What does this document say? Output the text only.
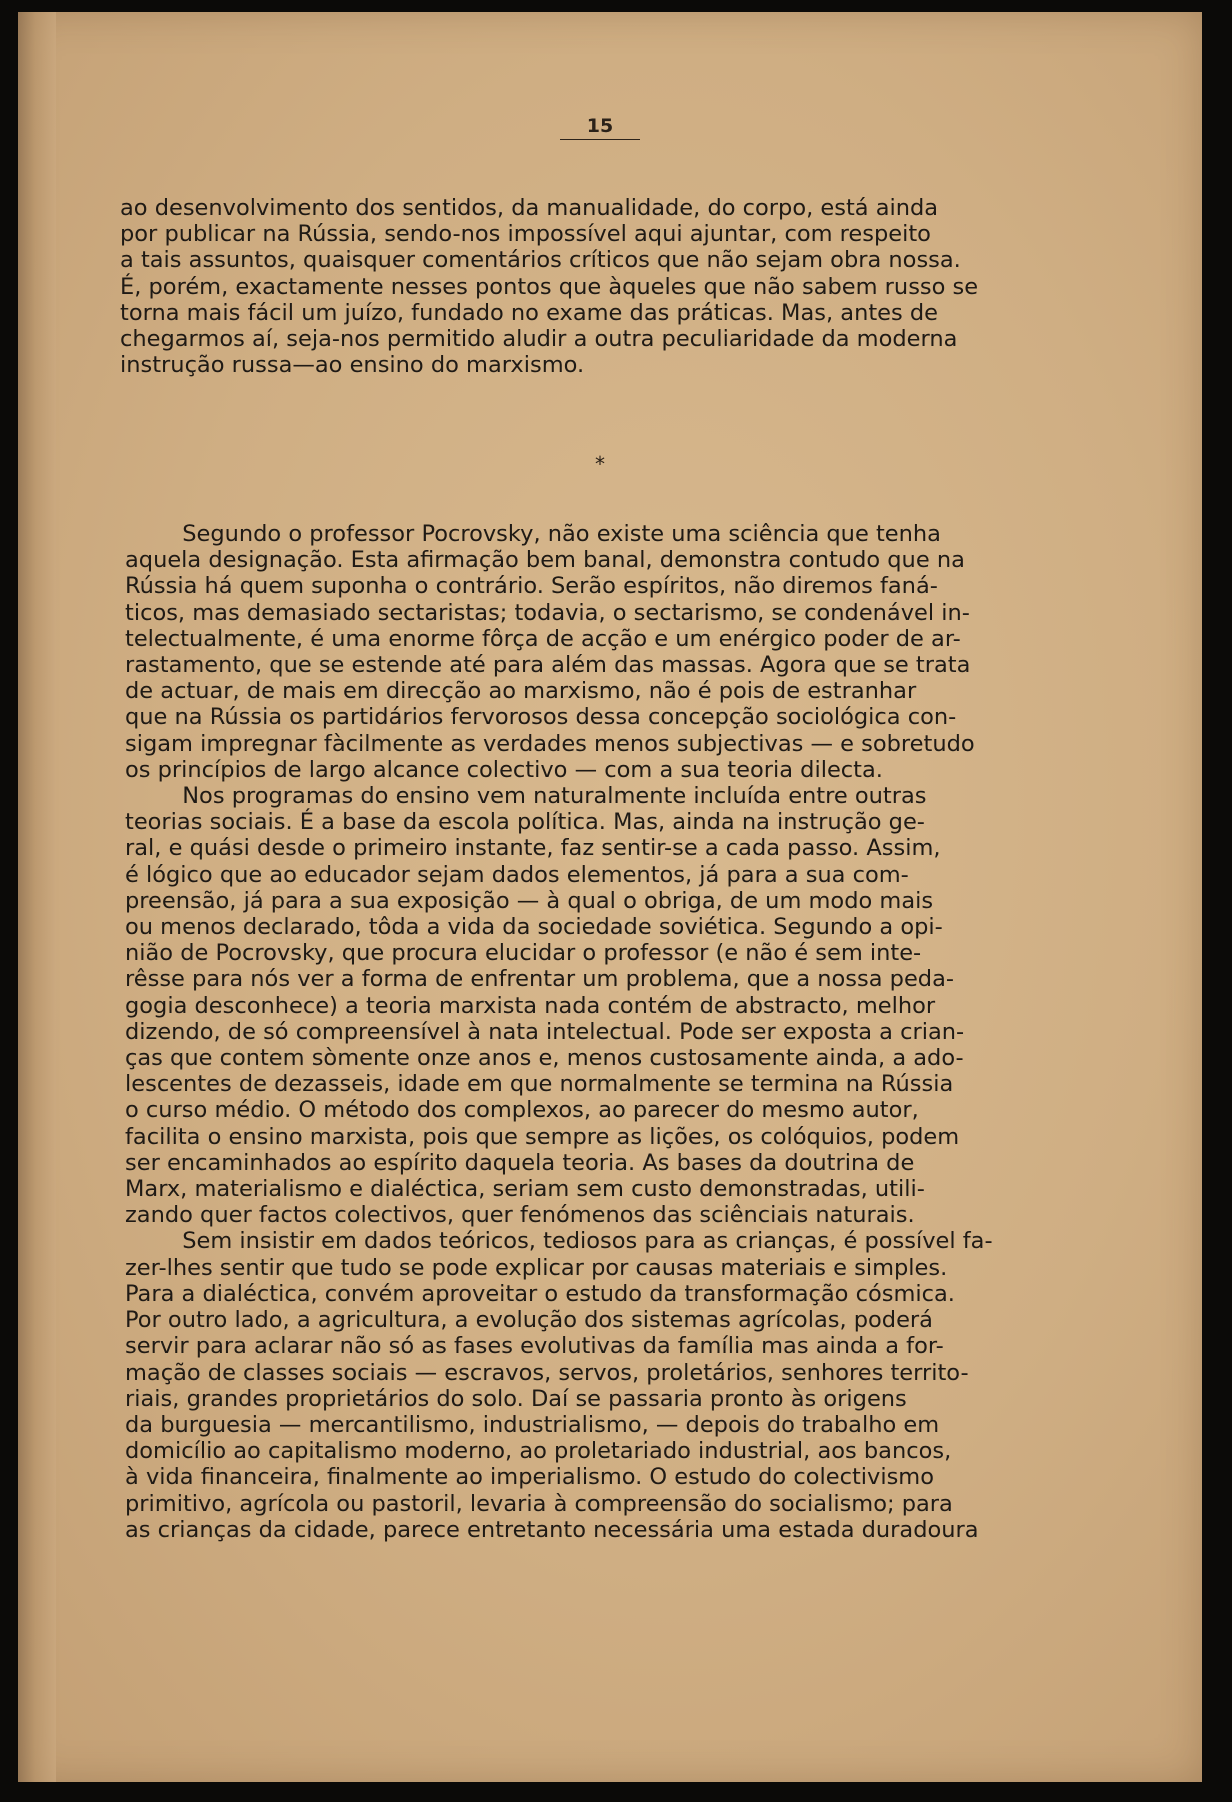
15
ao desenvolvimento dos sentidos, da manualidade, do corpo, está ainda
por publicar na Rússia, sendo-nos impossível aqui ajuntar, com respeito
a tais assuntos, quaisquer comentários críticos que não sejam obra nossa.
É, porém, exactamente nesses pontos que àqueles que não sabem russo se
torna mais fácil um juízo, fundado no exame das práticas. Mas, antes de
chegarmos aí, seja-nos permitido aludir a outra peculiaridade da moderna
instrução russa—ao ensino do marxismo.
*
Segundo o professor Pocrovsky, não existe uma sciência que tenha
aquela designação. Esta afirmação bem banal, demonstra contudo que na
Rússia há quem suponha o contrário. Serão espíritos, não diremos faná-
ticos, mas demasiado sectaristas; todavia, o sectarismo, se condenável in-
telectualmente, é uma enorme fôrça de acção e um enérgico poder de ar-
rastamento, que se estende até para além das massas. Agora que se trata
de actuar, de mais em direcção ao marxismo, não é pois de estranhar
que na Rússia os partidários fervorosos dessa concepção sociológica con-
sigam impregnar fàcilmente as verdades menos subjectivas — e sobretudo
os princípios de largo alcance colectivo — com a sua teoria dilecta.
Nos programas do ensino vem naturalmente incluída entre outras
teorias sociais. É a base da escola política. Mas, ainda na instrução ge-
ral, e quási desde o primeiro instante, faz sentir-se a cada passo. Assim,
é lógico que ao educador sejam dados elementos, já para a sua com-
preensão, já para a sua exposição — à qual o obriga, de um modo mais
ou menos declarado, tôda a vida da sociedade soviética. Segundo a opi-
nião de Pocrovsky, que procura elucidar o professor (e não é sem inte-
rêsse para nós ver a forma de enfrentar um problema, que a nossa peda-
gogia desconhece) a teoria marxista nada contém de abstracto, melhor
dizendo, de só compreensível à nata intelectual. Pode ser exposta a crian-
ças que contem sòmente onze anos e, menos custosamente ainda, a ado-
lescentes de dezasseis, idade em que normalmente se termina na Rússia
o curso médio. O método dos complexos, ao parecer do mesmo autor,
facilita o ensino marxista, pois que sempre as lições, os colóquios, podem
ser encaminhados ao espírito daquela teoria. As bases da doutrina de
Marx, materialismo e dialéctica, seriam sem custo demonstradas, utili-
zando quer factos colectivos, quer fenómenos das sciênciais naturais.
Sem insistir em dados teóricos, tediosos para as crianças, é possível fa-
zer-lhes sentir que tudo se pode explicar por causas materiais e simples.
Para a dialéctica, convém aproveitar o estudo da transformação cósmica.
Por outro lado, a agricultura, a evolução dos sistemas agrícolas, poderá
servir para aclarar não só as fases evolutivas da família mas ainda a for-
mação de classes sociais — escravos, servos, proletários, senhores territo-
riais, grandes proprietários do solo. Daí se passaria pronto às origens
da burguesia — mercantilismo, industrialismo, — depois do trabalho em
domicílio ao capitalismo moderno, ao proletariado industrial, aos bancos,
à vida financeira, finalmente ao imperialismo. O estudo do colectivismo
primitivo, agrícola ou pastoril, levaria à compreensão do socialismo; para
as crianças da cidade, parece entretanto necessária uma estada duradoura
